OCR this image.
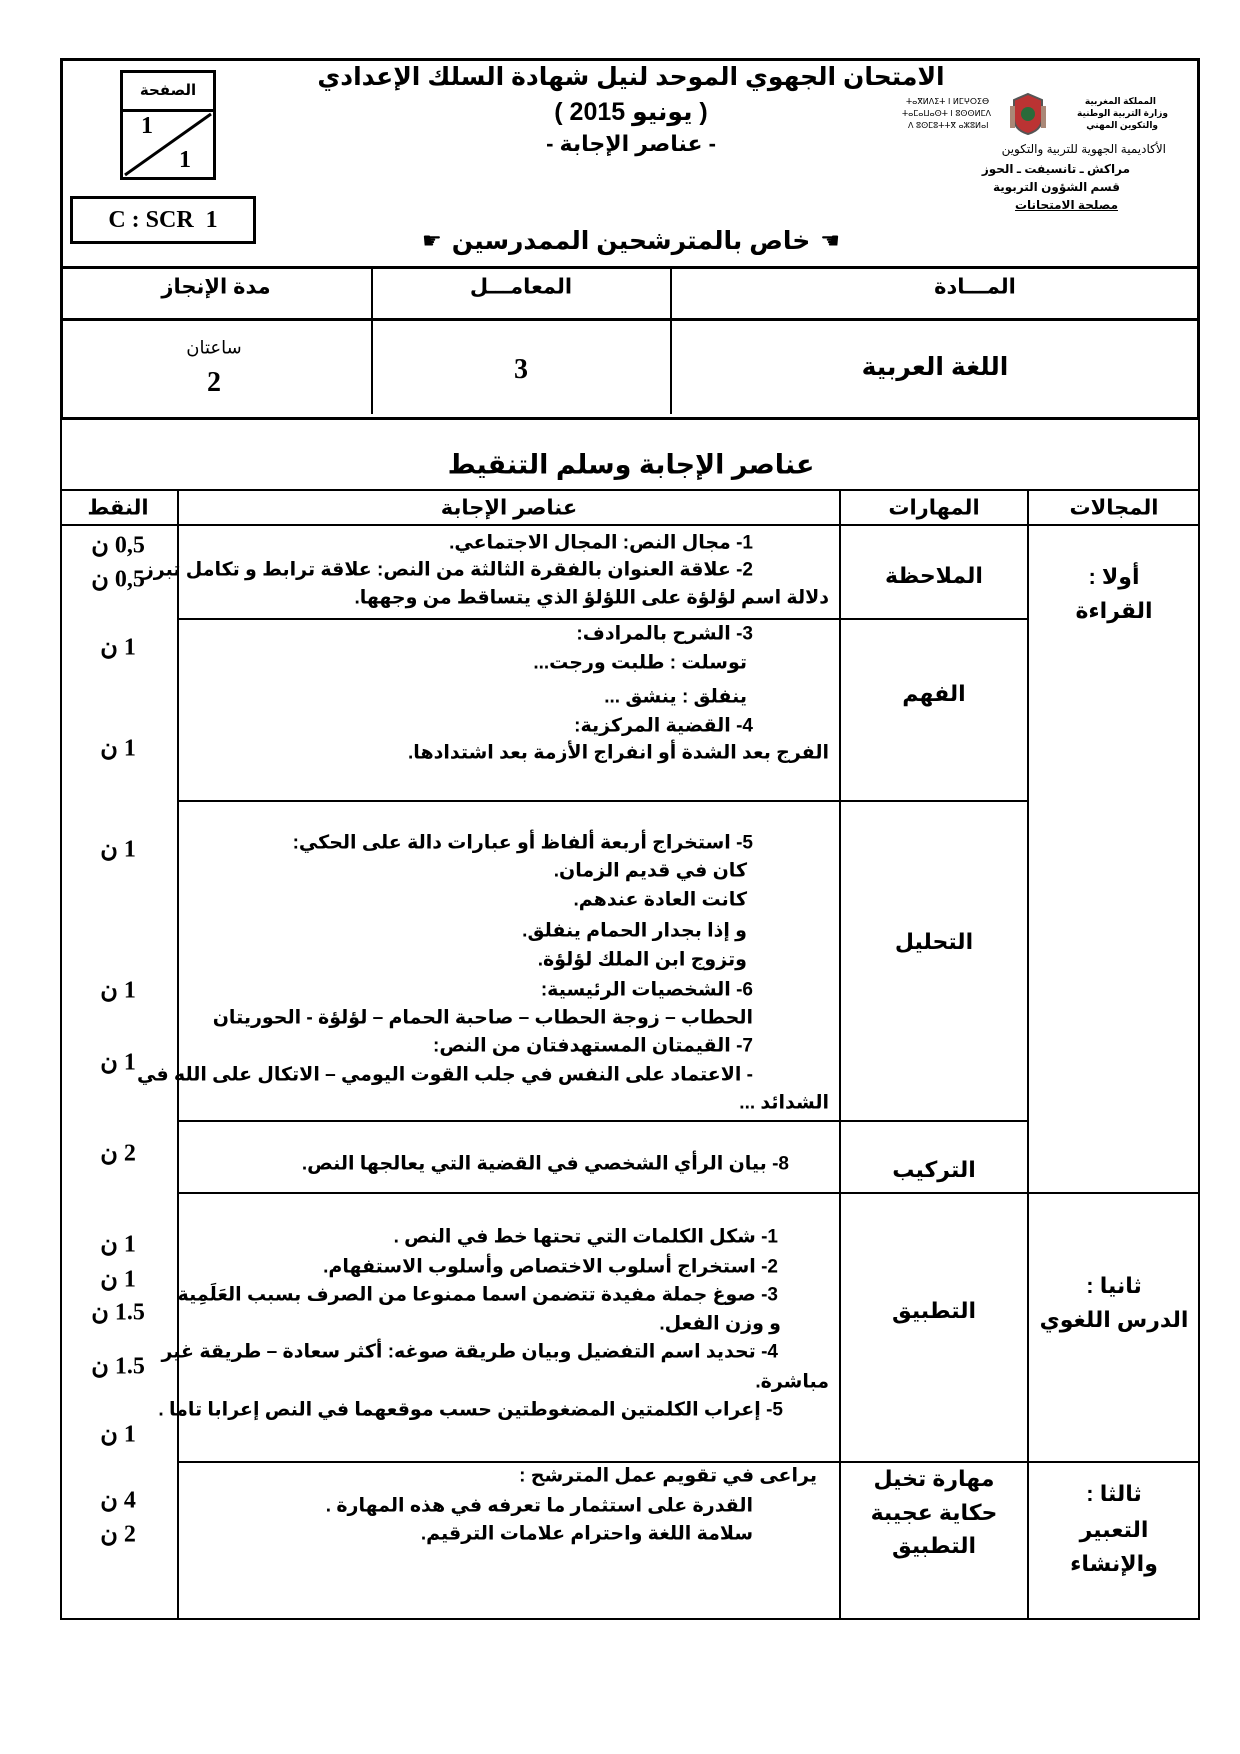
الامتحان الجهوي الموحد لنيل شهادة السلك الإعدادي
( يونيو 2015 )
- عناصر الإجابة -
☚
خاص بالمترشحين الممدرسين
☚
الصفحة
1
1
C : SCR  1
المملكة المغربية
وزارة التربية الوطنية
والتكوين المهني
ⵜⴰⴳⵍⴷⵉⵜ ⵏ ⵍⵎⵖⵔⵉⴱ
ⵜⴰⵎⴰⵡⴰⵙⵜ ⵏ ⵓⵙⵙⵍⵎⴷ
ⴷ ⵓⵙⵎⵓⵜⵜⴳ ⴰⵣⵓⵍⴰⵏ
الأكاديمية الجهوية للتربية والتكوين
مراكش ـ تانسيفت ـ الحوز
قسم الشؤون التربوية
مصلحة الامتحانات
المـــادة
المعامـــل
مدة الإنجاز
اللغة العربية
3
ساعتان
2
عناصر الإجابة وسلم التنقيط
المجالات
المهارات
عناصر الإجابة
النقط
أولا :
القراءة
ثانيا :
الدرس اللغوي
ثالثا :
التعبير
والإنشاء
الملاحظة
الفهم
التحليل
التركيب
التطبيق
مهارة تخيل
حكاية عجيبة
التطبيق
1- مجال النص: المجال الاجتماعي.
2- علاقة العنوان بالفقرة الثالثة من النص: علاقة ترابط و تكامل تبرز
دلالة اسم لؤلؤة على اللؤلؤ الذي يتساقط من وجهها.
3- الشرح بالمرادف:
توسلت : طلبت ورجت...
ينفلق : ينشق ...
4- القضية المركزية:
الفرج بعد الشدة أو انفراج الأزمة بعد اشتدادها.
5- استخراج أربعة ألفاظ أو عبارات دالة على الحكي:
كان في قديم الزمان.
كانت العادة عندهم.
و إذا بجدار الحمام ينفلق.
وتزوج ابن الملك لؤلؤة.
6- الشخصيات الرئيسية:
الحطاب – زوجة الحطاب – صاحبة الحمام – لؤلؤة - الحوريتان
7- القيمتان المستهدفتان من النص:
- الاعتماد على النفس في جلب القوت اليومي – الاتكال على الله في
الشدائد ...
8- بيان الرأي الشخصي في القضية التي يعالجها النص.
1- شكل الكلمات التي تحتها خط في النص .
2- استخراج أسلوب الاختصاص وأسلوب الاستفهام.
3- صوغ جملة مفيدة تتضمن اسما ممنوعا من الصرف بسبب العَلَمِية
و وزن الفعل.
4- تحديد اسم التفضيل وبيان طريقة صوغه: أكثر سعادة – طريقة غير
مباشرة.
5- إعراب الكلمتين المضغوطتين حسب موقعهما في النص إعرابا تاما .
يراعى في تقويم عمل المترشح :
القدرة على استثمار ما تعرفه في هذه المهارة .
سلامة اللغة واحترام علامات الترقيم.
0,5 ن
0,5 ن
1 ن
1 ن
1 ن
1 ن
1 ن
2 ن
1 ن
1 ن
1.5 ن
1.5 ن
1 ن
4 ن
2 ن
